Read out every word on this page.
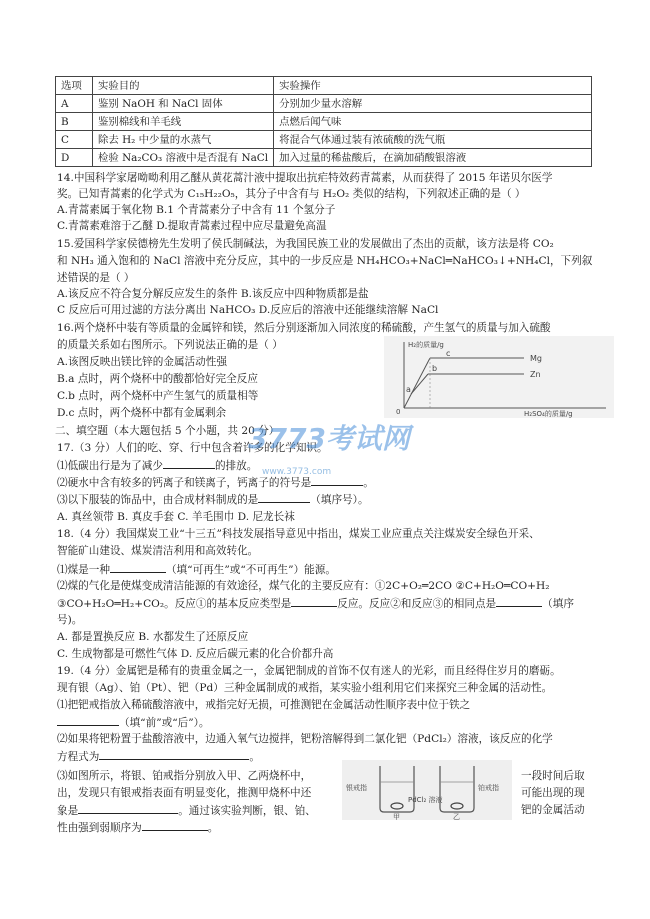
选项	实验目的	实验操作
A	鉴别 NaOH 和 NaCl 固体	分别加少量水溶解
B	鉴别棉线和羊毛线	点燃后闻气味
C	除去 H₂ 中少量的水蒸气	将混合气体通过装有浓硫酸的洗气瓶
D	检验 Na₂CO₃ 溶液中是否混有 NaCl	加入过量的稀盐酸后，在滴加硝酸银溶液
14.中国科学家屠呦呦利用乙醚从黄花蒿汁液中提取出抗疟特效药青蒿素，从而获得了 2015 年诺贝尔医学
奖。已知青蒿素的化学式为 C₁₅H₂₂O₅，其分子中含有与 H₂O₂ 类似的结构，下列叙述正确的是（ ）
A.青蒿素属于氧化物 B.1 个青蒿素分子中含有 11 个氢分子
C.青蒿素难溶于乙醚 D.提取青蒿素过程中应尽量避免高温
15.爱国科学家侯德榜先生发明了侯氏制碱法，为我国民族工业的发展做出了杰出的贡献，该方法是将 CO₂
和 NH₃ 通入饱和的 NaCl 溶液中充分反应，其中的一步反应是 NH₄HCO₃+NaCl═NaHCO₃↓+NH₄Cl，下列叙
述错误的是（ ）
A.该反应不符合复分解反应发生的条件 B.该反应中四种物质都是盐
C 反应后可用过滤的方法分离出 NaHCO₃ D.反应后的溶液中还能继续溶解 NaCl
16.两个烧杯中装有等质量的金属锌和镁，然后分别逐渐加入同浓度的稀硫酸，产生氢气的质量与加入硫酸
的质量关系如右图所示。下列说法正确的是（ ）
A.该图反映出镁比锌的金属活动性强
B.a 点时，两个烧杯中的酸都恰好完全反应
C.b 点时，两个烧杯中产生氢气的质量相等
D.c 点时，两个烧杯中都有金属剩余
H₂的质量/g
Mg
Zn
a
b
c
0	H₂SO₄的质量/g
二、填空题（本大题包括 5 个小题，共 20 分）
17.（3 分）人们的吃、穿、行中包含着许多的化学知识。
⑴低碳出行是为了减少	的排放。
⑵硬水中含有较多的钙离子和镁离子，钙离子的符号是	。
⑶以下服装的饰品中，由合成材料制成的是	（填序号）。
A. 真丝领带 B. 真皮手套 C. 羊毛围巾 D. 尼龙长袜
18.（4 分）我国煤炭工业“十三五”科技发展指导意见中指出，煤炭工业应重点关注煤炭安全绿色开采、
智能矿山建设、煤炭清洁利用和高效转化。
⑴煤是一种	（填“可再生”或“不可再生”）能源。
⑵煤的气化是使煤变成清洁能源的有效途径，煤气化的主要反应有：①2C+O₂═2CO ②C+H₂O═CO+H₂
③CO+H₂O═H₂+CO₂。反应①的基本反应类型是	反应。反应②和反应③的相同点是	（填序
号)。
A. 都是置换反应 B. 水都发生了还原反应
C. 生成物都是可燃性气体 D. 反应后碳元素的化合价都升高
19.（4 分）金属钯是稀有的贵重金属之一，金属钯制成的首饰不仅有迷人的光彩，而且经得住岁月的磨砺。
现有银（Ag）、铂（Pt）、钯（Pd）三种金属制成的戒指，某实验小组利用它们来探究三种金属的活动性。
⑴把钯戒指放入稀硫酸溶液中，戒指完好无损，可推测钯在金属活动性顺序表中位于铁之
（填“前”或“后”）。
⑵如果将钯粉置于盐酸溶液中，边通入氧气边搅拌，钯粉溶解得到二氯化钯（PdCl₂）溶液，该反应的化学
方程式为	。
⑶如图所示，将银、铂戒指分别放入甲、乙两烧杯中，	一段时间后取
出，发现只有银戒指表面有明显变化，推测甲烧杯中还	可能出现的现
象是	。通过该实验判断，银、铂、	钯的金属活动
性由强到弱顺序为	。
银戒指	铂戒指
PdCl₂ 溶液
甲	乙
3773考试网
www.3773.com
